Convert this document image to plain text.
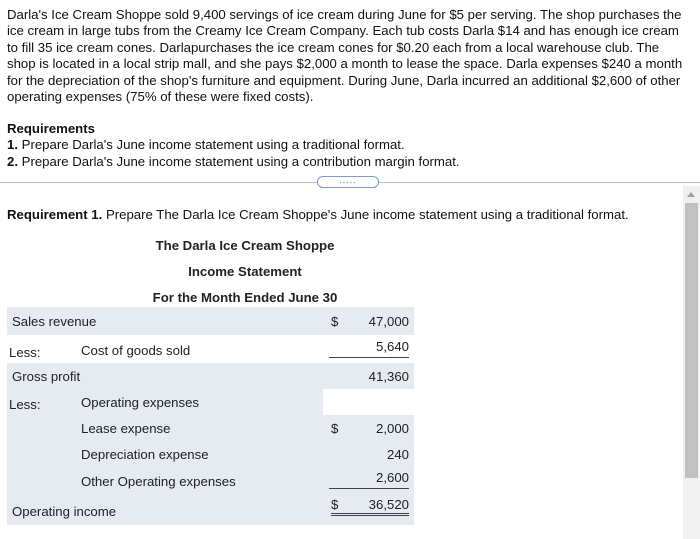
Darla's Ice Cream Shoppe sold 9,400 servings of ice cream during June for $5 per serving. The shop purchases the ice cream in large tubs from the Creamy Ice Cream Company. Each tub costs Darla $14 and has enough ice cream to fill 35 ice cream cones. Darlapurchases the ice cream cones for $0.20 each from a local warehouse club. The shop is located in a local strip mall, and she pays $2,000 a month to lease the space. Darla expenses $240 a month for the depreciation of the shop's furniture and equipment. During June, Darla incurred an additional $2,600 of other operating expenses (75% of these were fixed costs).

Requirements
1. Prepare Darla's June income statement using a traditional format.
2. Prepare Darla's June income statement using a contribution margin format.
.....
Requirement 1. Prepare The Darla Ice Cream Shoppe's June income statement using a traditional format.
The Darla Ice Cream Shoppe
Income Statement
For the Month Ended June 30
Sales revenue	$ 47,000
Less:	Cost of goods sold	5,640
Gross profit	41,360
Less:	Operating expenses
Lease expense	$	2,000
Depreciation expense	240
Other Operating expenses	2,600
Operating income	$ 36,520
